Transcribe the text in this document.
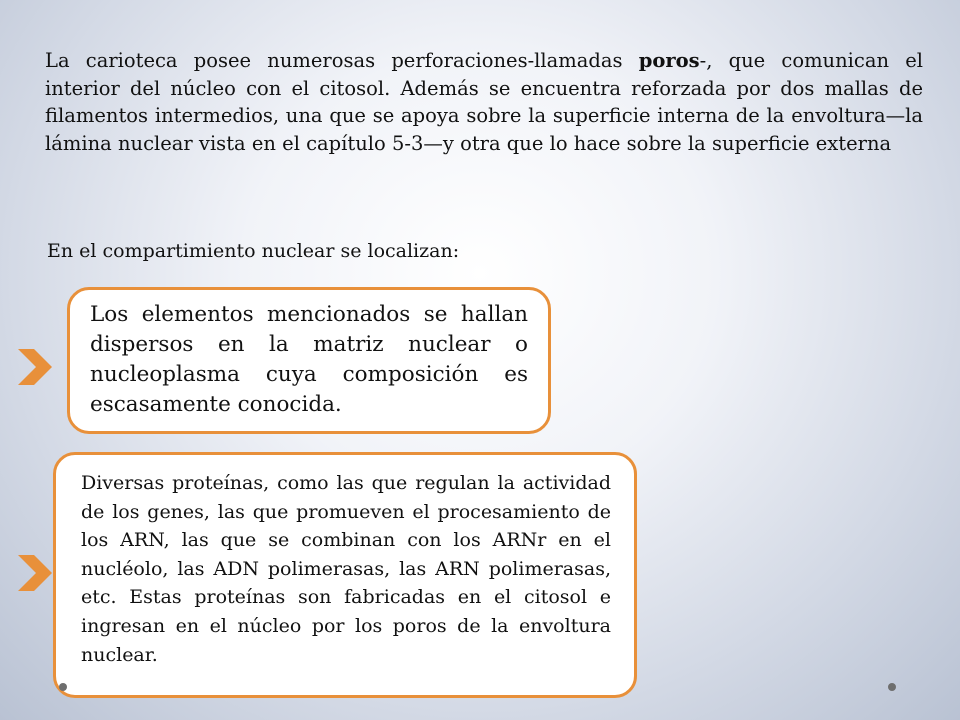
La carioteca posee numerosas perforaciones-llamadas poros-, que comunican el interior del núcleo con el citosol. Además se encuentra reforzada por dos mallas de filamentos intermedios, una que se apoya sobre la superficie interna de la envoltura—la lámina nuclear vista en el capítulo 5-3—y otra que lo hace sobre la superficie externa

En el compartimiento nuclear se localizan:

Los elementos mencionados se hallan dispersos en la matriz nuclear o nucleoplasma cuya composición es escasamente conocida.

Diversas proteínas, como las que regulan la actividad de los genes, las que promueven el procesamiento de los ARN, las que se combinan con los ARNr en el nucléolo, las ADN polimerasas, las ARN polimerasas, etc. Estas proteínas son fabricadas en el citosol e ingresan en el núcleo por los poros de la envoltura nuclear.
